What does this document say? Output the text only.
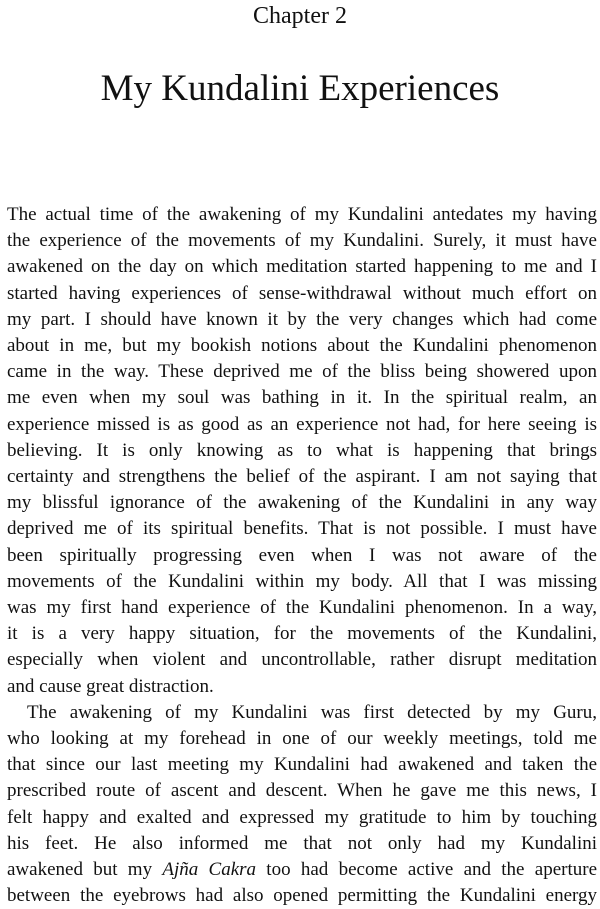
Chapter 2
My Kundalini Experiences
The actual time of the awakening of my Kundalini antedates my having
the experience of the movements of my Kundalini. Surely, it must have
awakened on the day on which meditation started happening to me and I
started having experiences of sense-withdrawal without much effort on
my part. I should have known it by the very changes which had come
about in me, but my bookish notions about the Kundalini phenomenon
came in the way. These deprived me of the bliss being showered upon
me even when my soul was bathing in it. In the spiritual realm, an
experience missed is as good as an experience not had, for here seeing is
believing. It is only knowing as to what is happening that brings
certainty and strengthens the belief of the aspirant. I am not saying that
my blissful ignorance of the awakening of the Kundalini in any way
deprived me of its spiritual benefits. That is not possible. I must have
been spiritually progressing even when I was not aware of the
movements of the Kundalini within my body. All that I was missing
was my first hand experience of the Kundalini phenomenon. In a way,
it is a very happy situation, for the movements of the Kundalini,
especially when violent and uncontrollable, rather disrupt meditation
and cause great distraction.
The awakening of my Kundalini was first detected by my Guru,
who looking at my forehead in one of our weekly meetings, told me
that since our last meeting my Kundalini had awakened and taken the
prescribed route of ascent and descent. When he gave me this news, I
felt happy and exalted and expressed my gratitude to him by touching
his feet. He also informed me that not only had my Kundalini
awakened but my Ajña Cakra too had become active and the aperture
between the eyebrows had also opened permitting the Kundalini energy
